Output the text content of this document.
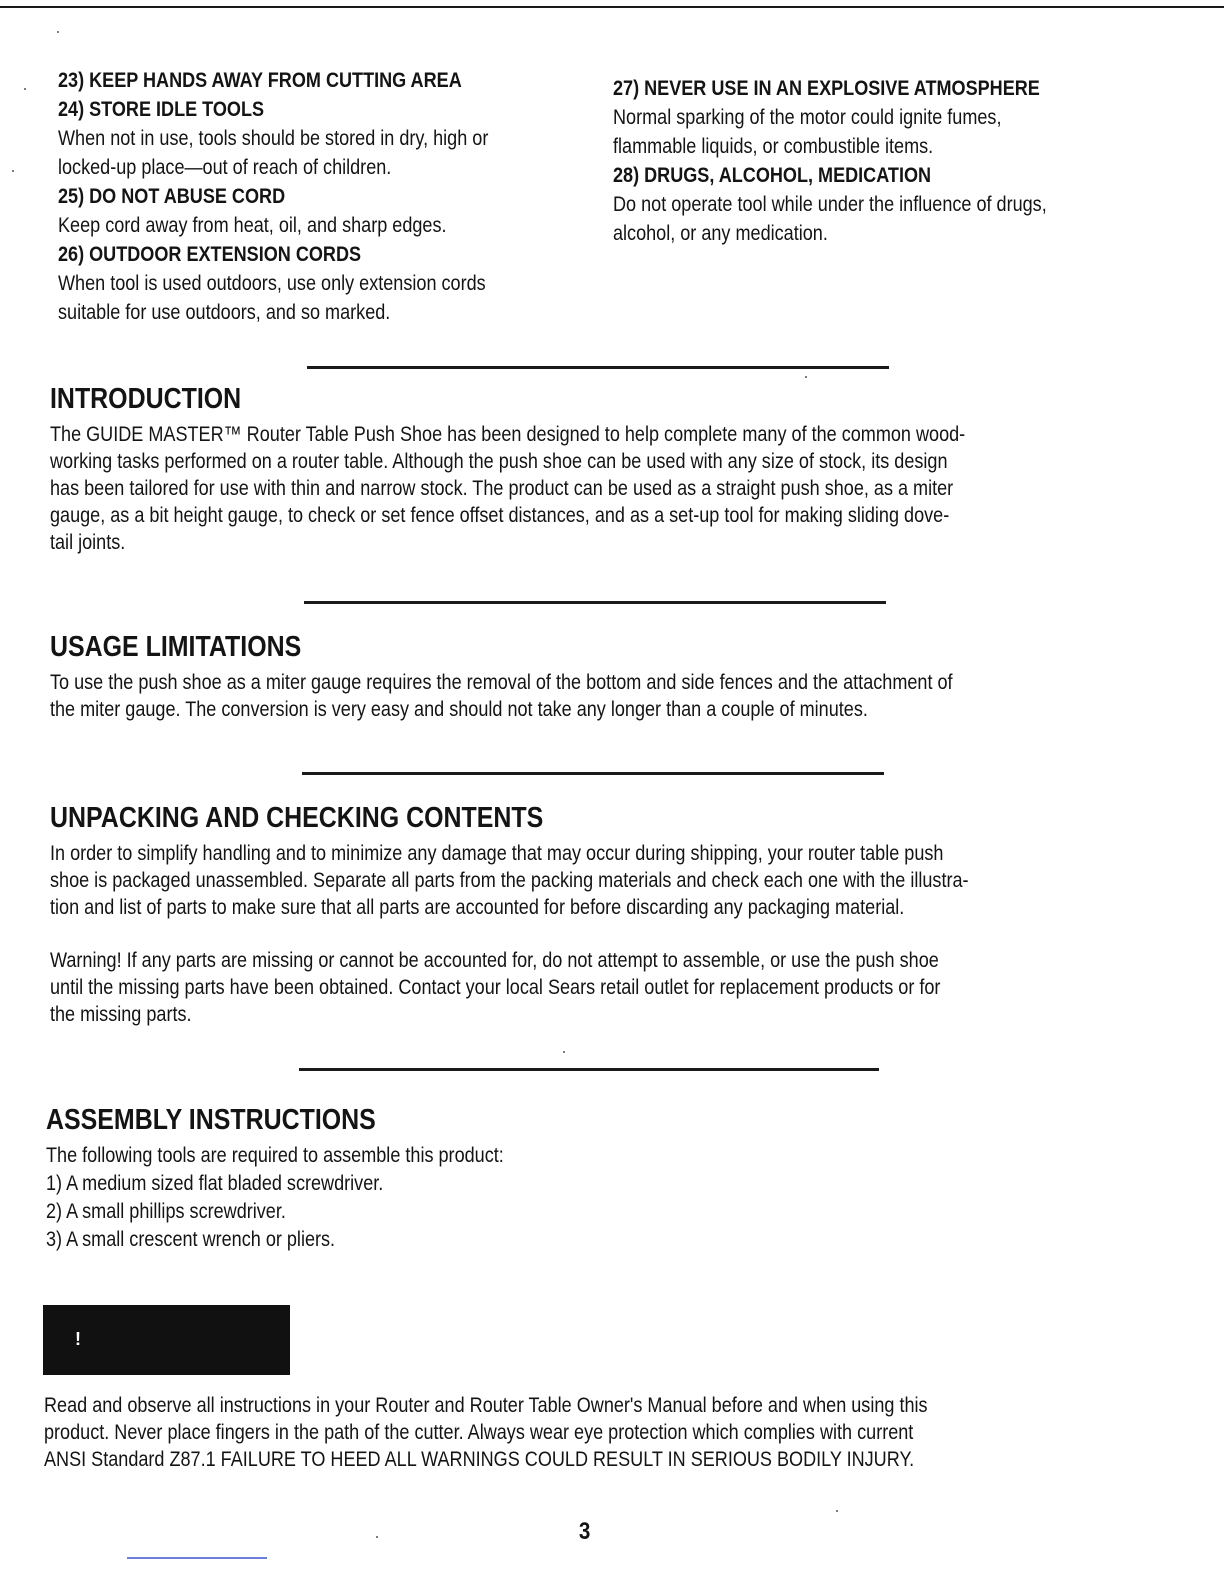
23) KEEP HANDS AWAY FROM CUTTING AREA

24) STORE IDLE TOOLS

When not in use, tools should be stored in dry, high or

locked-up place—out of reach of children.

25) DO NOT ABUSE CORD

Keep cord away from heat, oil, and sharp edges.

26) OUTDOOR EXTENSION CORDS

When tool is used outdoors, use only extension cords

suitable for use outdoors, and so marked.

27) NEVER USE IN AN EXPLOSIVE ATMOSPHERE

Normal sparking of the motor could ignite fumes,

flammable liquids, or combustible items.

28) DRUGS, ALCOHOL, MEDICATION

Do not operate tool while under the influence of drugs,

alcohol, or any medication.

INTRODUCTION

The GUIDE MASTER™ Router Table Push Shoe has been designed to help complete many of the common wood-

working tasks performed on a router table. Although the push shoe can be used with any size of stock, its design

has been tailored for use with thin and narrow stock. The product can be used as a straight push shoe, as a miter

gauge, as a bit height gauge, to check or set fence offset distances, and as a set-up tool for making sliding dove-

tail joints.

USAGE LIMITATIONS

To use the push shoe as a miter gauge requires the removal of the bottom and side fences and the attachment of

the miter gauge. The conversion is very easy and should not take any longer than a couple of minutes.

UNPACKING AND CHECKING CONTENTS

In order to simplify handling and to minimize any damage that may occur during shipping, your router table push

shoe is packaged unassembled. Separate all parts from the packing materials and check each one with the illustra-

tion and list of parts to make sure that all parts are accounted for before discarding any packaging material.

Warning! If any parts are missing or cannot be accounted for, do not attempt to assemble, or use the push shoe

until the missing parts have been obtained. Contact your local Sears retail outlet for replacement products or for

the missing parts.

ASSEMBLY INSTRUCTIONS

The following tools are required to assemble this product:

1) A medium sized flat bladed screwdriver.

2) A small phillips screwdriver.

3) A small crescent wrench or pliers.

!

Read and observe all instructions in your Router and Router Table Owner's Manual before and when using this

product. Never place fingers in the path of the cutter. Always wear eye protection which complies with current

ANSI Standard Z87.1 FAILURE TO HEED ALL WARNINGS COULD RESULT IN SERIOUS BODILY INJURY.

3
